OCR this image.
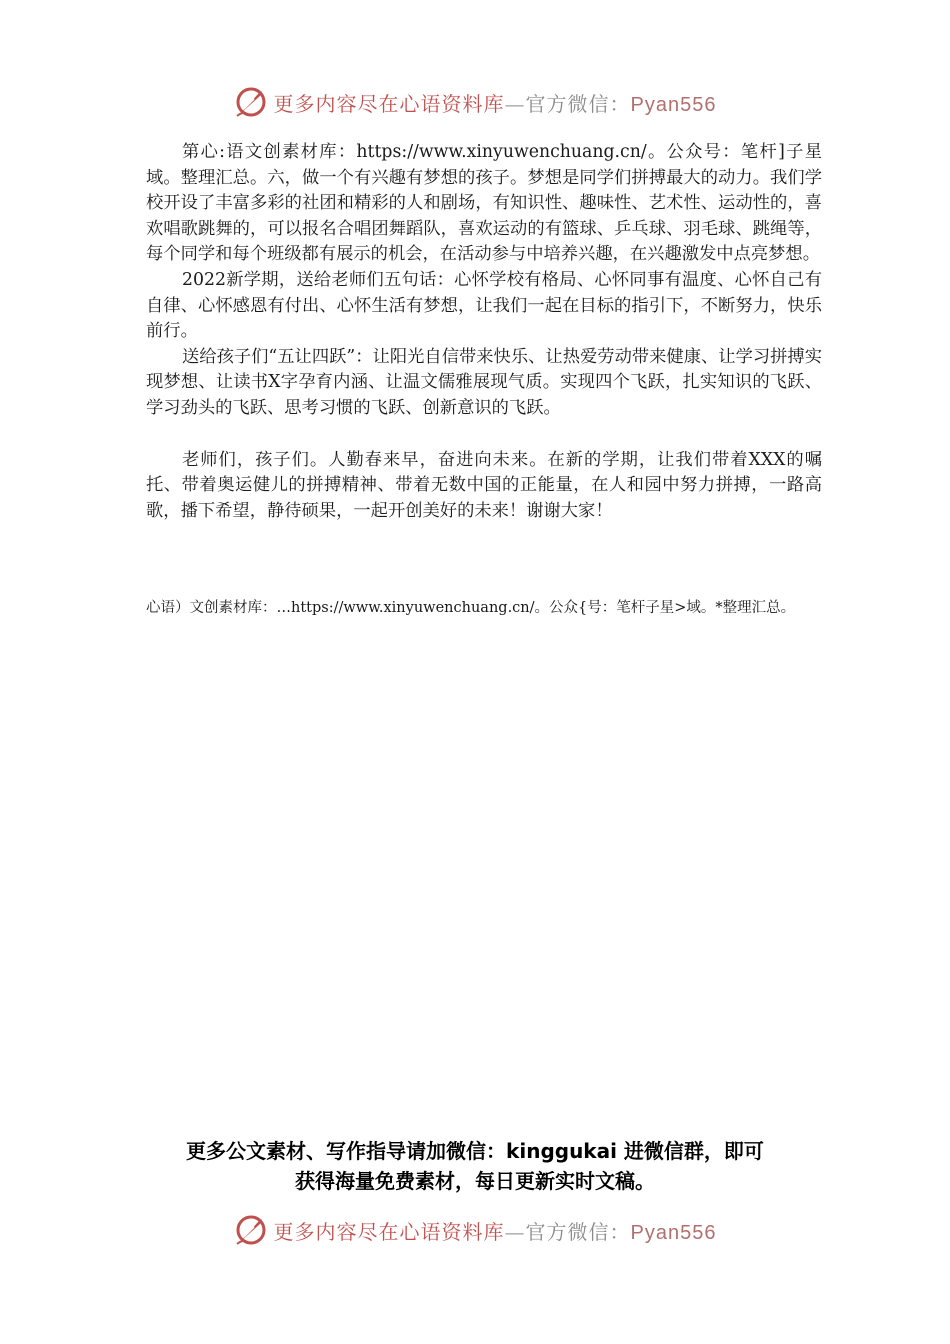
更多内容尽在心语资料库—官方微信：Pyan556

第心:语文创素材库：https://www.xinyuwenchuang.cn/。公众号：笔杆]子星域。整理汇总。六，做一个有兴趣有梦想的孩子。梦想是同学们拼搏最大的动力。我们学校开设了丰富多彩的社团和精彩的人和剧场，有知识性、趣味性、艺术性、运动性的，喜欢唱歌跳舞的，可以报名合唱团舞蹈队，喜欢运动的有篮球、乒乓球、羽毛球、跳绳等，每个同学和每个班级都有展示的机会，在活动参与中培养兴趣，在兴趣激发中点亮梦想。

2022新学期，送给老师们五句话：心怀学校有格局、心怀同事有温度、心怀自己有自律、心怀感恩有付出、心怀生活有梦想，让我们一起在目标的指引下，不断努力，快乐前行。

送给孩子们“五让四跃”：让阳光自信带来快乐、让热爱劳动带来健康、让学习拼搏实现梦想、让读书X字孕育内涵、让温文儒雅展现气质。实现四个飞跃，扎实知识的飞跃、学习劲头的飞跃、思考习惯的飞跃、创新意识的飞跃。

老师们，孩子们。人勤春来早，奋进向未来。在新的学期，让我们带着XXX的嘱托、带着奥运健儿的拼搏精神、带着无数中国的正能量，在人和园中努力拼搏，一路高歌，播下希望，静待硕果，一起开创美好的未来！谢谢大家！

心语）文创素材库：…https://www.xinyuwenchuang.cn/。公众{号：笔杆子星>域。*整理汇总。
更多公文素材、写作指导请加微信：kinggukai 进微信群，即可
获得海量免费素材，每日更新实时文稿。
更多内容尽在心语资料库—官方微信：Pyan556
